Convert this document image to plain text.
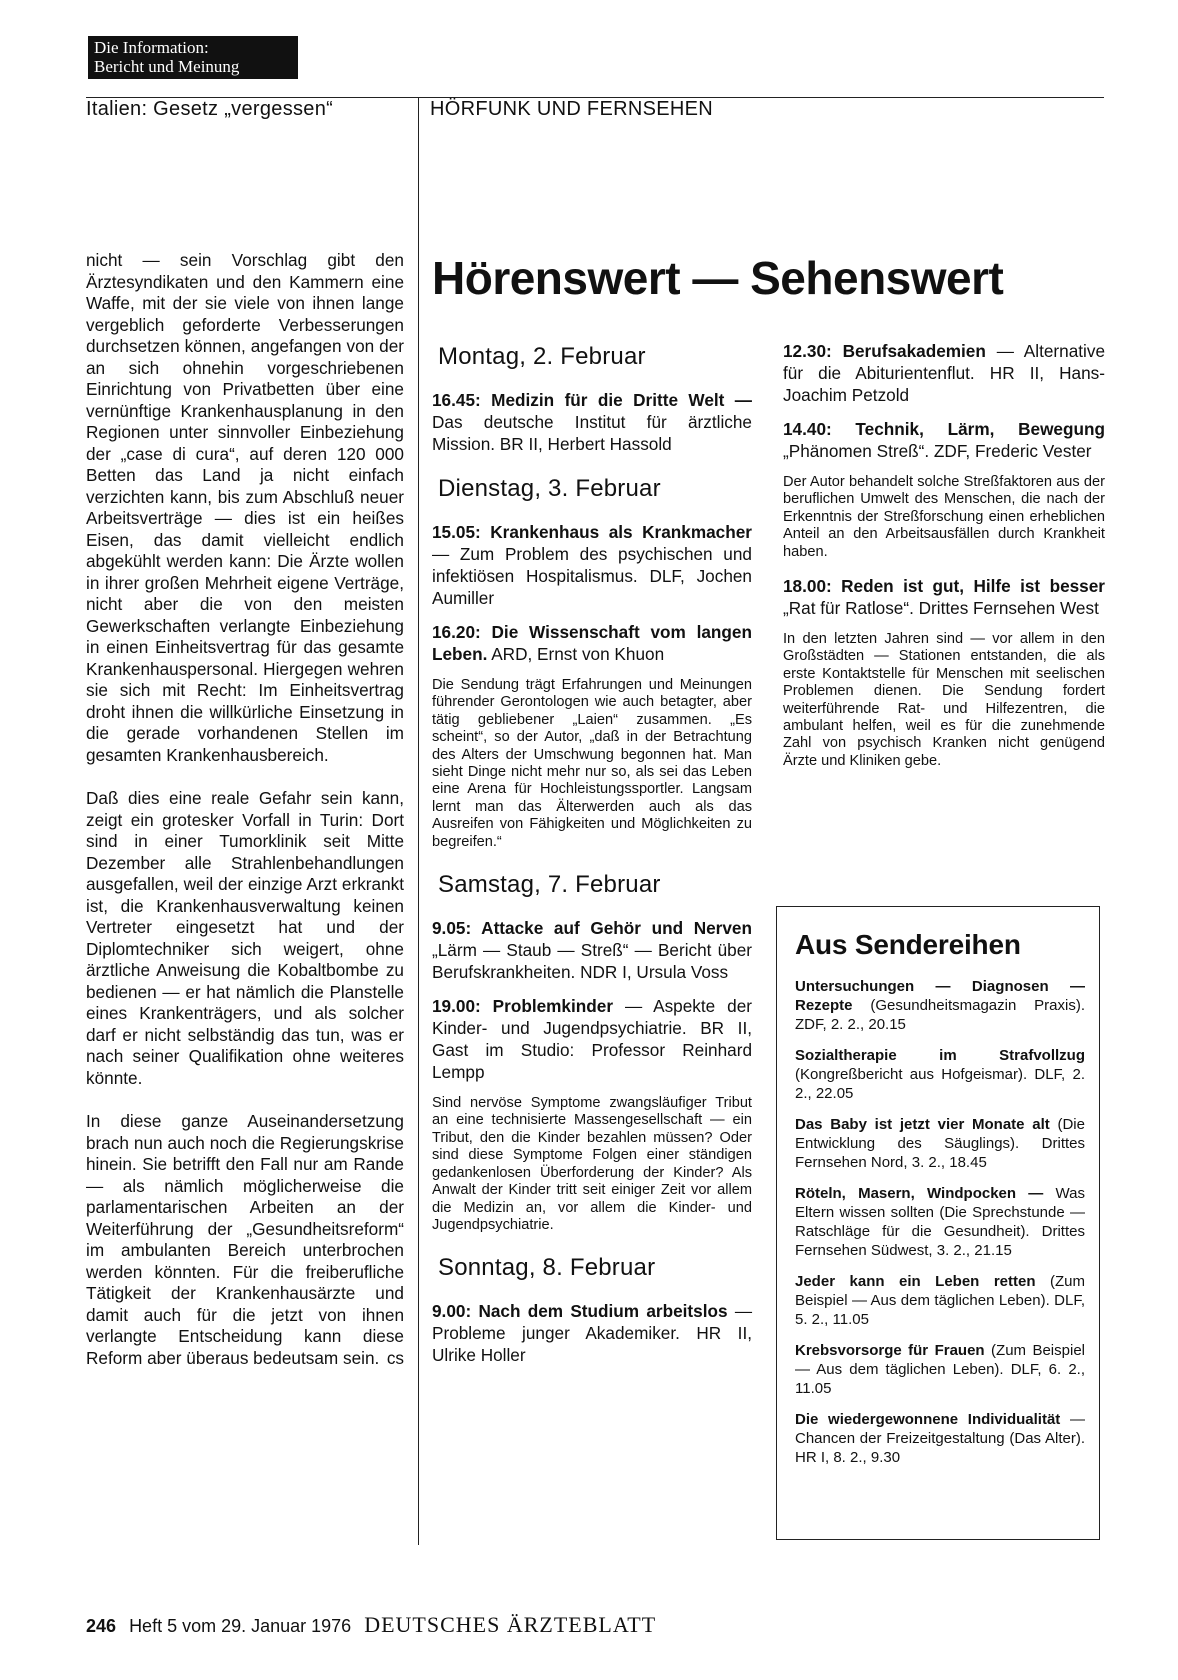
Die Information:
Bericht und Meinung
Italien: Gesetz „vergessen“	HÖRFUNK UND FERNSEHEN

nicht — sein Vorschlag gibt den Ärztesyndikaten und den Kammern eine Waffe, mit der sie viele von ihnen lange vergeblich geforderte Verbesserungen durchsetzen können, angefangen von der an sich ohnehin vorgeschriebenen Einrichtung von Privatbetten über eine vernünftige Krankenhausplanung in den Regionen unter sinnvoller Einbeziehung der „case di cura“, auf deren 120 000 Betten das Land ja nicht einfach verzichten kann, bis zum Abschluß neuer Arbeitsverträge — dies ist ein heißes Eisen, das damit vielleicht endlich abgekühlt werden kann: Die Ärzte wollen in ihrer großen Mehrheit eigene Verträge, nicht aber die von den meisten Gewerkschaften verlangte Einbeziehung in einen Einheitsvertrag für das gesamte Krankenhauspersonal. Hiergegen wehren sie sich mit Recht: Im Einheitsvertrag droht ihnen die willkürliche Einsetzung in die gerade vorhandenen Stellen im gesamten Krankenhausbereich.

Daß dies eine reale Gefahr sein kann, zeigt ein grotesker Vorfall in Turin: Dort sind in einer Tumorklinik seit Mitte Dezember alle Strahlenbehandlungen ausgefallen, weil der einzige Arzt erkrankt ist, die Krankenhausverwaltung keinen Vertreter eingesetzt hat und der Diplomtechniker sich weigert, ohne ärztliche Anweisung die Kobaltbombe zu bedienen — er hat nämlich die Planstelle eines Krankenträgers, und als solcher darf er nicht selbständig das tun, was er nach seiner Qualifikation ohne weiteres könnte.

In diese ganze Auseinandersetzung brach nun auch noch die Regierungskrise hinein. Sie betrifft den Fall nur am Rande — als nämlich möglicherweise die parlamentarischen Arbeiten an der Weiterführung der „Gesundheitsreform“ im ambulanten Bereich unterbrochen werden könnten. Für die freiberufliche Tätigkeit der Krankenhausärzte und damit auch für die jetzt von ihnen verlangte Entscheidung kann diese Reform aber überaus bedeutsam sein. cs
Hörenswert — Sehenswert
Montag, 2. Februar
16.45: Medizin für die Dritte Welt — Das deutsche Institut für ärztliche Mission. BR II, Herbert Hassold
Dienstag, 3. Februar
15.05: Krankenhaus als Krankmacher — Zum Problem des psychischen und infektiösen Hospitalismus. DLF, Jochen Aumiller
16.20: Die Wissenschaft vom langen Leben. ARD, Ernst von Khuon
Die Sendung trägt Erfahrungen und Meinungen führender Gerontologen wie auch betagter, aber tätig gebliebener „Laien“ zusammen. „Es scheint“, so der Autor, „daß in der Betrachtung des Alters der Umschwung begonnen hat. Man sieht Dinge nicht mehr nur so, als sei das Leben eine Arena für Hochleistungssportler. Langsam lernt man das Älterwerden auch als das Ausreifen von Fähigkeiten und Möglichkeiten zu begreifen.“
Samstag, 7. Februar
9.05: Attacke auf Gehör und Nerven „Lärm — Staub — Streß“ — Bericht über Berufskrankheiten. NDR I, Ursula Voss
19.00: Problemkinder — Aspekte der Kinder- und Jugendpsychiatrie. BR II, Gast im Studio: Professor Reinhard Lempp
Sind nervöse Symptome zwangsläufiger Tribut an eine technisierte Massengesellschaft — ein Tribut, den die Kinder bezahlen müssen? Oder sind diese Symptome Folgen einer ständigen gedankenlosen Überforderung der Kinder? Als Anwalt der Kinder tritt seit einiger Zeit vor allem die Medizin an, vor allem die Kinder- und Jugendpsychiatrie.
Sonntag, 8. Februar
9.00: Nach dem Studium arbeitslos — Probleme junger Akademiker. HR II, Ulrike Holler
12.30: Berufsakademien — Alternative für die Abiturientenflut. HR II, Hans-Joachim Petzold
14.40: Technik, Lärm, Bewegung „Phänomen Streß“. ZDF, Frederic Vester
Der Autor behandelt solche Streßfaktoren aus der beruflichen Umwelt des Menschen, die nach der Erkenntnis der Streßforschung einen erheblichen Anteil an den Arbeitsausfällen durch Krankheit haben.
18.00: Reden ist gut, Hilfe ist besser „Rat für Ratlose“. Drittes Fernsehen West
In den letzten Jahren sind — vor allem in den Großstädten — Stationen entstanden, die als erste Kontaktstelle für Menschen mit seelischen Problemen dienen. Die Sendung fordert weiterführende Rat- und Hilfezentren, die ambulant helfen, weil es für die zunehmende Zahl von psychisch Kranken nicht genügend Ärzte und Kliniken gebe.
Aus Sendereihen
Untersuchungen — Diagnosen — Rezepte (Gesundheitsmagazin Praxis). ZDF, 2. 2., 20.15
Sozialtherapie im Strafvollzug (Kongreßbericht aus Hofgeismar). DLF, 2. 2., 22.05
Das Baby ist jetzt vier Monate alt (Die Entwicklung des Säuglings). Drittes Fernsehen Nord, 3. 2., 18.45
Röteln, Masern, Windpocken — Was Eltern wissen sollten (Die Sprechstunde — Ratschläge für die Gesundheit). Drittes Fernsehen Südwest, 3. 2., 21.15
Jeder kann ein Leben retten (Zum Beispiel — Aus dem täglichen Leben). DLF, 5. 2., 11.05
Krebsvorsorge für Frauen (Zum Beispiel — Aus dem täglichen Leben). DLF, 6. 2., 11.05
Die wiedergewonnene Individualität — Chancen der Freizeitgestaltung (Das Alter). HR I, 8. 2., 9.30
246 Heft 5 vom 29. Januar 1976 DEUTSCHES ÄRZTEBLATT
